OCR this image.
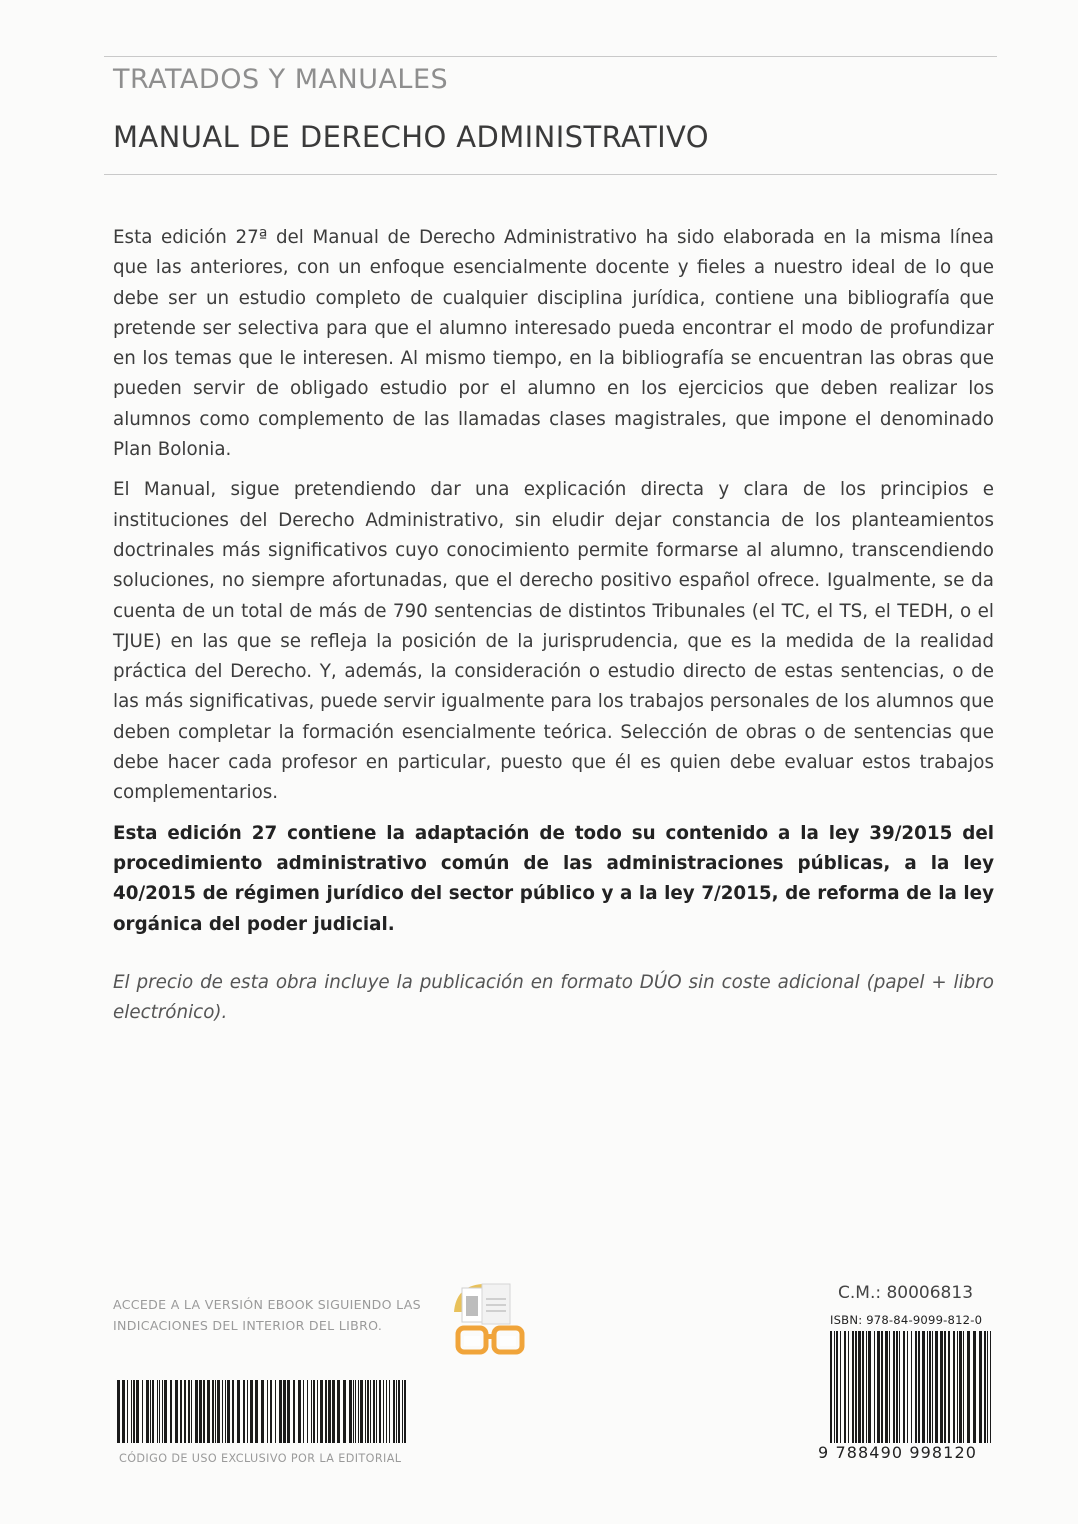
TRATADOS Y MANUALES
MANUAL DE DERECHO ADMINISTRATIVO

Esta edición 27ª del Manual de Derecho Administrativo ha sido elaborada en la misma línea que las anteriores, con un enfoque esencialmente docente y fieles a nuestro ideal de lo que debe ser un estudio completo de cualquier disciplina jurídica, contiene una bibliografía que pretende ser selectiva para que el alumno interesado pueda encontrar el modo de profundizar en los temas que le interesen. Al mismo tiempo, en la bibliografía se encuentran las obras que pueden servir de obligado estudio por el alumno en los ejercicios que deben realizar los alumnos como complemento de las llamadas clases magistrales, que impone el denominado Plan Bolonia.

El Manual, sigue pretendiendo dar una explicación directa y clara de los principios e instituciones del Derecho Administrativo, sin eludir dejar constancia de los planteamientos doctrinales más significativos cuyo conocimiento permite formarse al alumno, transcendiendo soluciones, no siempre afortunadas, que el derecho positivo español ofrece. Igualmente, se da cuenta de un total de más de 790 sentencias de distintos Tribunales (el TC, el TS, el TEDH, o el TJUE) en las que se refleja la posición de la jurisprudencia, que es la medida de la realidad práctica del Derecho. Y, además, la consideración o estudio directo de estas sentencias, o de las más significativas, puede servir igualmente para los trabajos personales de los alumnos que deben completar la formación esencialmente teórica. Selección de obras o de sentencias que debe hacer cada profesor en particular, puesto que él es quien debe evaluar estos trabajos complementarios.

Esta edición 27 contiene la adaptación de todo su contenido a la ley 39/2015 del procedimiento administrativo común de las administraciones públicas, a la ley 40/2015 de régimen jurídico del sector público y a la ley 7/2015, de reforma de la ley orgánica del poder judicial.

El precio de esta obra incluye la publicación en formato DÚO sin coste adicional (papel + libro electrónico).

ACCEDE A LA VERSIÓN EBOOK SIGUIENDO LAS INDICACIONES DEL INTERIOR DEL LIBRO.
C.M.: 80006813
ISBN: 978-84-9099-812-0
9 788490 998120
CÓDIGO DE USO EXCLUSIVO POR LA EDITORIAL
